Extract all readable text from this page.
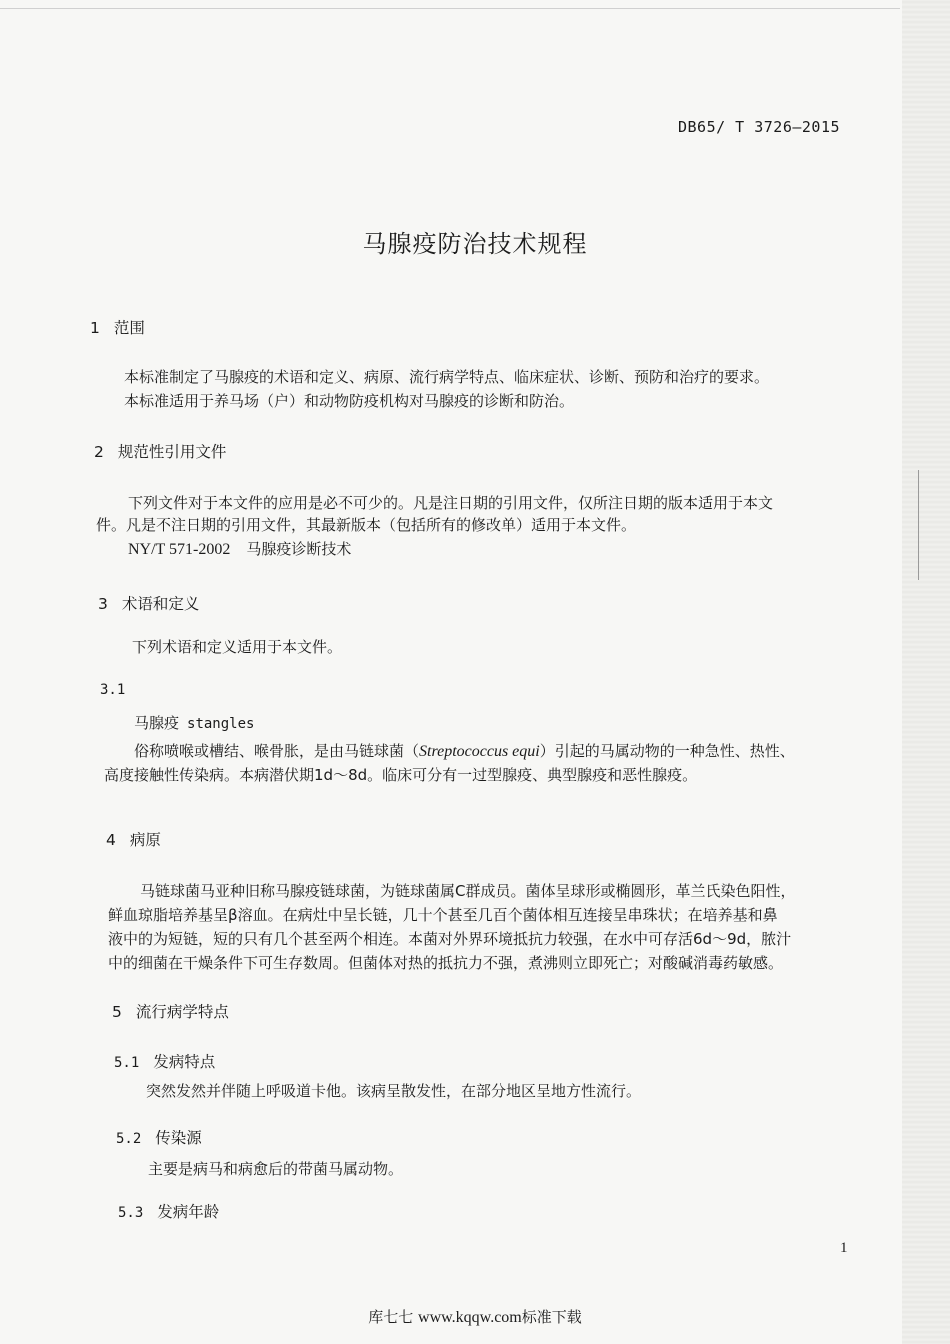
DB65/ T 3726—2015
马腺疫防治技术规程
1 范围
本标准制定了马腺疫的术语和定义、病原、流行病学特点、临床症状、诊断、预防和治疗的要求。
本标准适用于养马场（户）和动物防疫机构对马腺疫的诊断和防治。
2 规范性引用文件
下列文件对于本文件的应用是必不可少的。凡是注日期的引用文件，仅所注日期的版本适用于本文
件。凡是不注日期的引用文件，其最新版本（包括所有的修改单）适用于本文件。
NY/T 571-2002 马腺疫诊断技术
3 术语和定义
下列术语和定义适用于本文件。
3.1
马腺疫 stangles
俗称喷喉或槽结、喉骨胀，是由马链球菌（Streptococcus equi）引起的马属动物的一种急性、热性、
高度接触性传染病。本病潜伏期1d～8d。临床可分有一过型腺疫、典型腺疫和恶性腺疫。
4 病原
马链球菌马亚种旧称马腺疫链球菌，为链球菌属C群成员。菌体呈球形或椭圆形，革兰氏染色阳性，
鲜血琼脂培养基呈β溶血。在病灶中呈长链，几十个甚至几百个菌体相互连接呈串珠状；在培养基和鼻
液中的为短链，短的只有几个甚至两个相连。本菌对外界环境抵抗力较强，在水中可存活6d～9d，脓汁
中的细菌在干燥条件下可生存数周。但菌体对热的抵抗力不强，煮沸则立即死亡；对酸碱消毒药敏感。
5 流行病学特点
5.1 发病特点
突然发然并伴随上呼吸道卡他。该病呈散发性，在部分地区呈地方性流行。
5.2 传染源
主要是病马和病愈后的带菌马属动物。
5.3 发病年龄
1
库七七 www.kqqw.com标准下载
